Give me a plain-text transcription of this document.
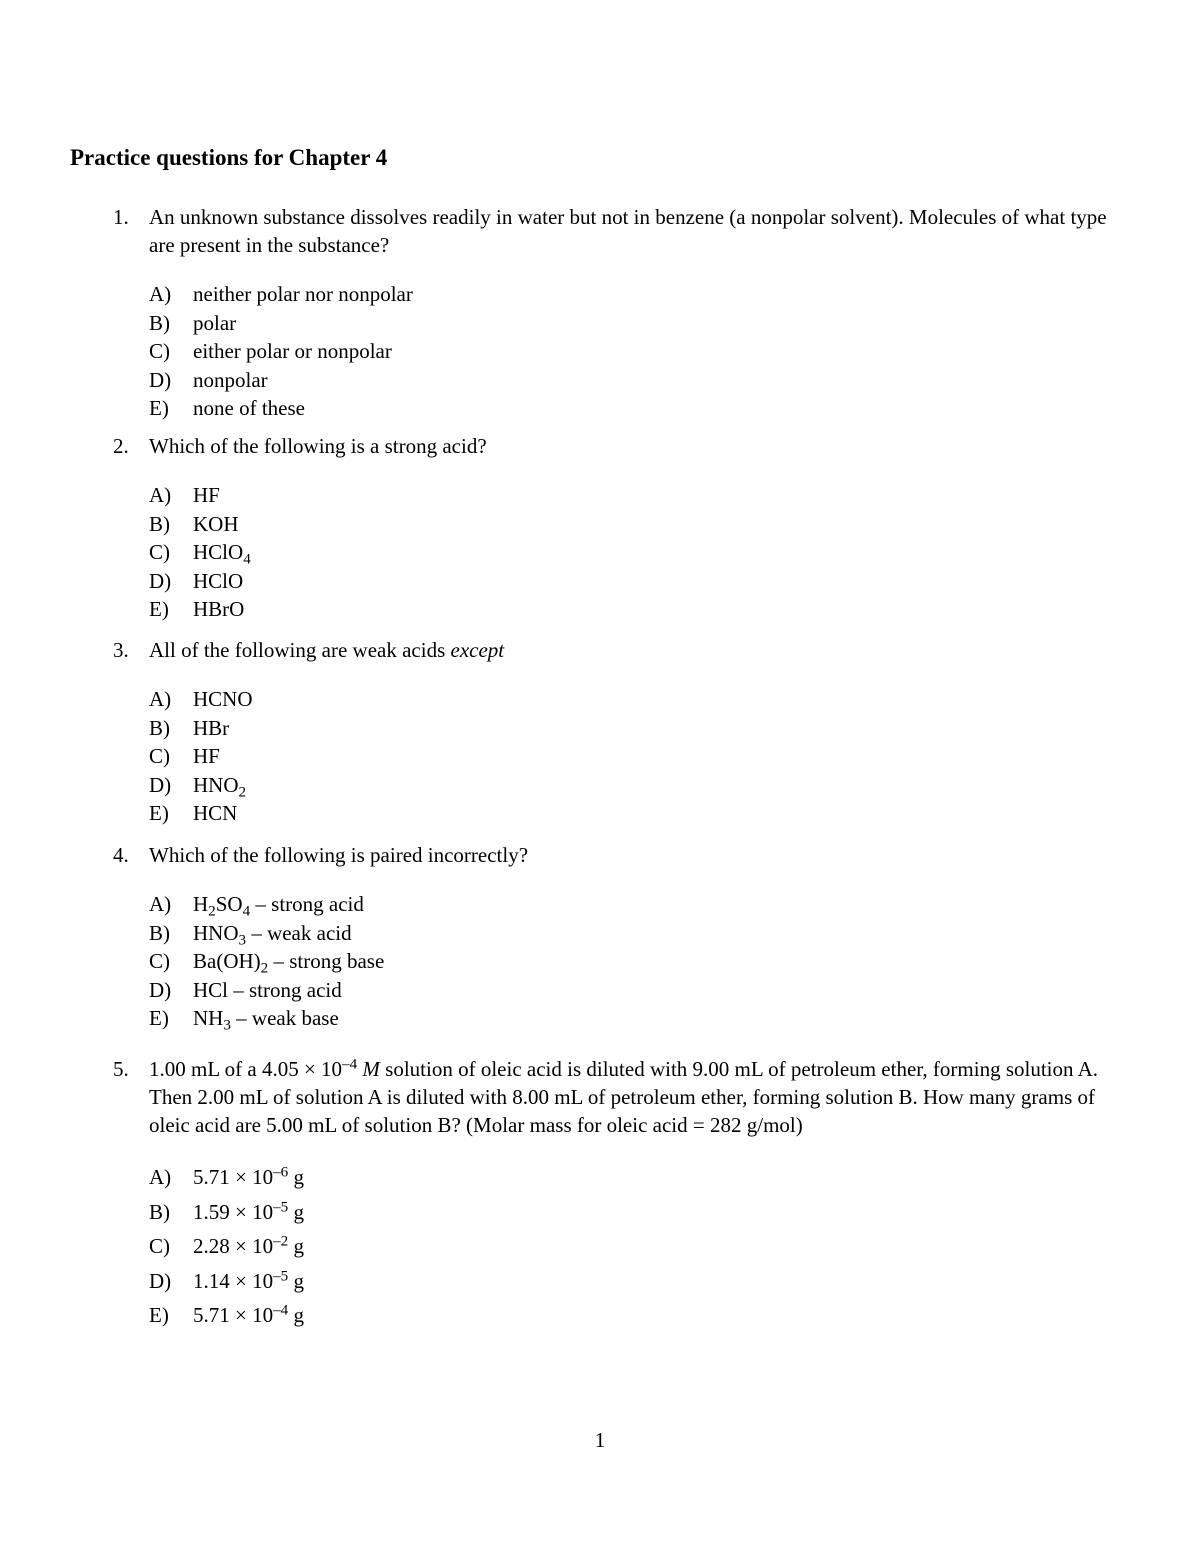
Practice questions for Chapter 4
1. An unknown substance dissolves readily in water but not in benzene (a nonpolar solvent). Molecules of what type are present in the substance?
A) neither polar nor nonpolar
B) polar
C) either polar or nonpolar
D) nonpolar
E) none of these
2. Which of the following is a strong acid?
A) HF
B) KOH
C) HClO$_4$
D) HClO
E) HBrO
3. All of the following are weak acids except
A) HCNO
B) HBr
C) HF
D) $HNO_2$
E) HCN
4. Which of the following is paired incorrectly?
A) $H_2SO_4$ – strong acid
B) $HNO_3$ – weak acid
C) $Ba(OH)_2$ – strong base
D) HCl – strong acid
E) $NH_3$ – weak base
5. 1.00 mL of a $4.05 \times 10^{-4}$ M solution of oleic acid is diluted with 9.00 mL of petroleum ether, forming solution A. Then 2.00 mL of solution A is diluted with 8.00 mL of petroleum ether, forming solution B. How many grams of oleic acid are 5.00 mL of solution B? (Molar mass for oleic acid = 282 g/mol)
A) $5.71 \times 10^{-6}$ g
B) $1.59 \times 10^{-5}$ g
C) $2.28 \times 10^{-2}$ g
D) $1.14 \times 10^{-5}$ g
E) $5.71 \times 10^{-4}$ g
1
